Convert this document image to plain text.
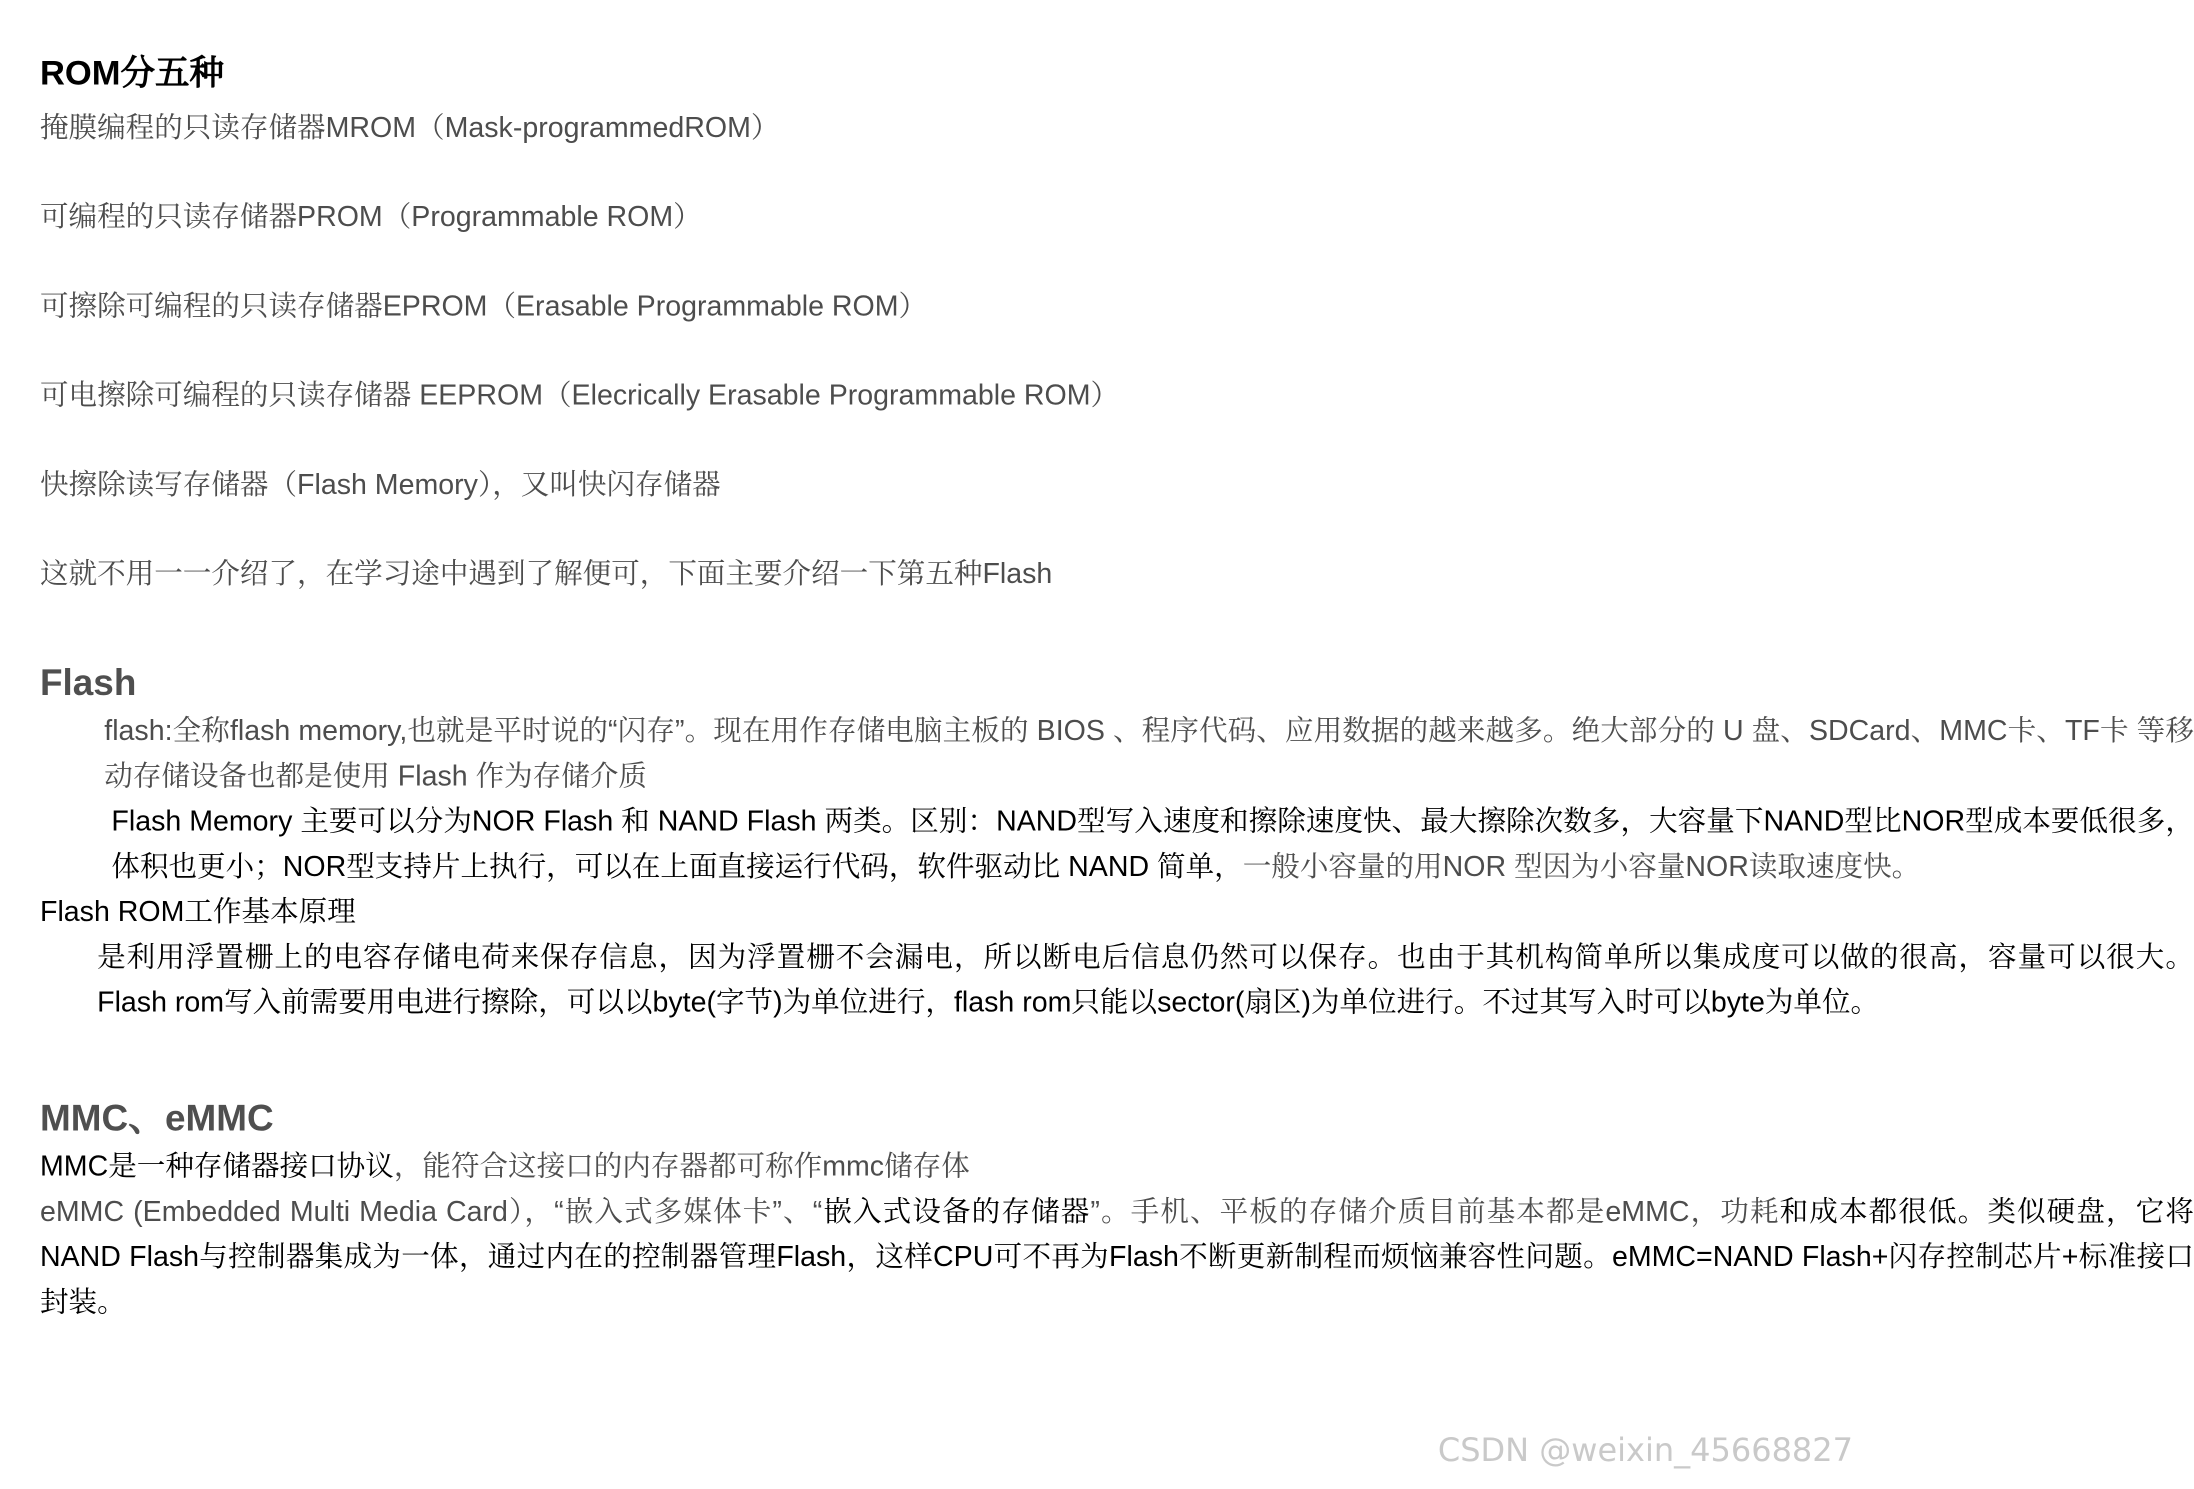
ROM分五种

掩膜编程的只读存储器MROM（Mask-programmedROM）

可编程的只读存储器PROM（Programmable ROM）

可擦除可编程的只读存储器EPROM（Erasable Programmable ROM）

可电擦除可编程的只读存储器 EEPROM（Elecrically Erasable Programmable ROM）

快擦除读写存储器（Flash Memory），又叫快闪存储器

这就不用一一介绍了，在学习途中遇到了解便可，下面主要介绍一下第五种Flash

Flash

flash:全称flash memory,也就是平时说的“闪存”。现在用作存储电脑主板的 BIOS 、程序代码、应用数据的越来越多。绝大部分的 U 盘、SDCard、MMC卡、TF卡 等移动存储设备也都是使用 Flash 作为存储介质

Flash Memory 主要可以分为NOR Flash 和 NAND Flash 两类。区别：NAND型写入速度和擦除速度快、最大擦除次数多，大容量下NAND型比NOR型成本要低很多，体积也更小；NOR型支持片上执行，可以在上面直接运行代码，软件驱动比 NAND 简单，一般小容量的用NOR 型因为小容量NOR读取速度快。

Flash ROM工作基本原理

是利用浮置栅上的电容存储电荷来保存信息，因为浮置栅不会漏电，所以断电后信息仍然可以保存。也由于其机构简单所以集成度可以做的很高，容量可以很大。Flash rom写入前需要用电进行擦除，可以以byte(字节)为单位进行，flash rom只能以sector(扇区)为单位进行。不过其写入时可以byte为单位。

MMC、eMMC

MMC是一种存储器接口协议，能符合这接口的内存器都可称作mmc储存体

eMMC (Embedded Multi Media Card），“嵌入式多媒体卡”、“嵌入式设备的存储器”。手机、平板的存储介质目前基本都是eMMC，功耗和成本都很低。类似硬盘，它将NAND Flash与控制器集成为一体，通过内在的控制器管理Flash，这样CPU可不再为Flash不断更新制程而烦恼兼容性问题。eMMC=NAND Flash+闪存控制芯片+标准接口封装。

CSDN @weixin_45668827
